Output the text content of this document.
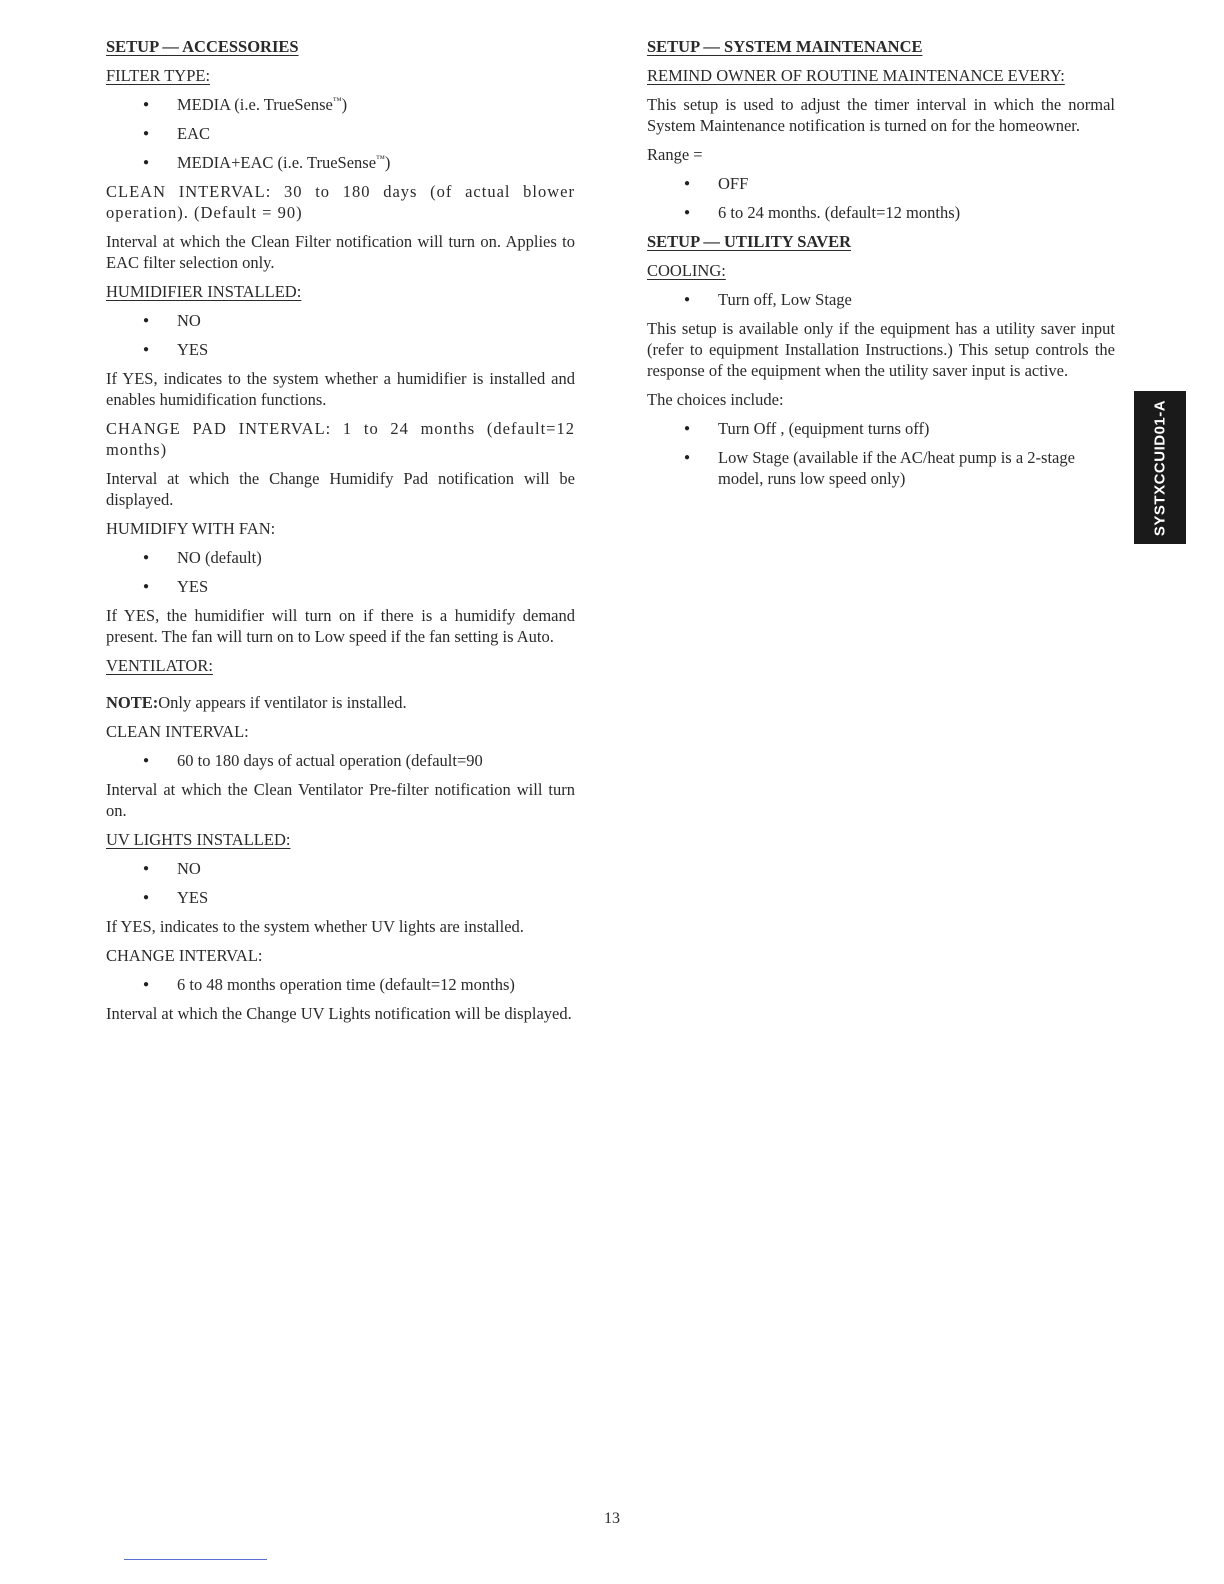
SETUP — ACCESSORIES
FILTER TYPE:
● MEDIA (i.e. TrueSense™)
● EAC
● MEDIA+EAC (i.e. TrueSense™)

CLEAN INTERVAL: 30 to 180 days (of actual blower operation). (Default = 90)

Interval at which the Clean Filter notification will turn on. Applies to EAC filter selection only.

HUMIDIFIER INSTALLED:
● NO
● YES

If YES, indicates to the system whether a humidifier is installed and enables humidification functions.

CHANGE PAD INTERVAL: 1 to 24 months (default=12 months)

Interval at which the Change Humidify Pad notification will be displayed.

HUMIDIFY WITH FAN:
● NO (default)
● YES

If YES, the humidifier will turn on if there is a humidify demand present. The fan will turn on to Low speed if the fan setting is Auto.

VENTILATOR:

NOTE:Only appears if ventilator is installed.

CLEAN INTERVAL:
● 60 to 180 days of actual operation (default=90

Interval at which the Clean Ventilator Pre-filter notification will turn on.

UV LIGHTS INSTALLED:
● NO
● YES

If YES, indicates to the system whether UV lights are installed.

CHANGE INTERVAL:
● 6 to 48 months operation time (default=12 months)

Interval at which the Change UV Lights notification will be displayed.

SETUP — SYSTEM MAINTENANCE
REMIND OWNER OF ROUTINE MAINTENANCE EVERY:

This setup is used to adjust the timer interval in which the normal System Maintenance notification is turned on for the homeowner.

Range =
● OFF
● 6 to 24 months. (default=12 months)
SETUP — UTILITY SAVER
COOLING:
● Turn off, Low Stage

This setup is available only if the equipment has a utility saver input (refer to equipment Installation Instructions.) This setup controls the response of the equipment when the utility saver input is active.

The choices include:
● Turn Off , (equipment turns off)
● Low Stage (available if the AC/heat pump is a 2-stage model, runs low speed only)	SYSTXCCUID01-A
13
